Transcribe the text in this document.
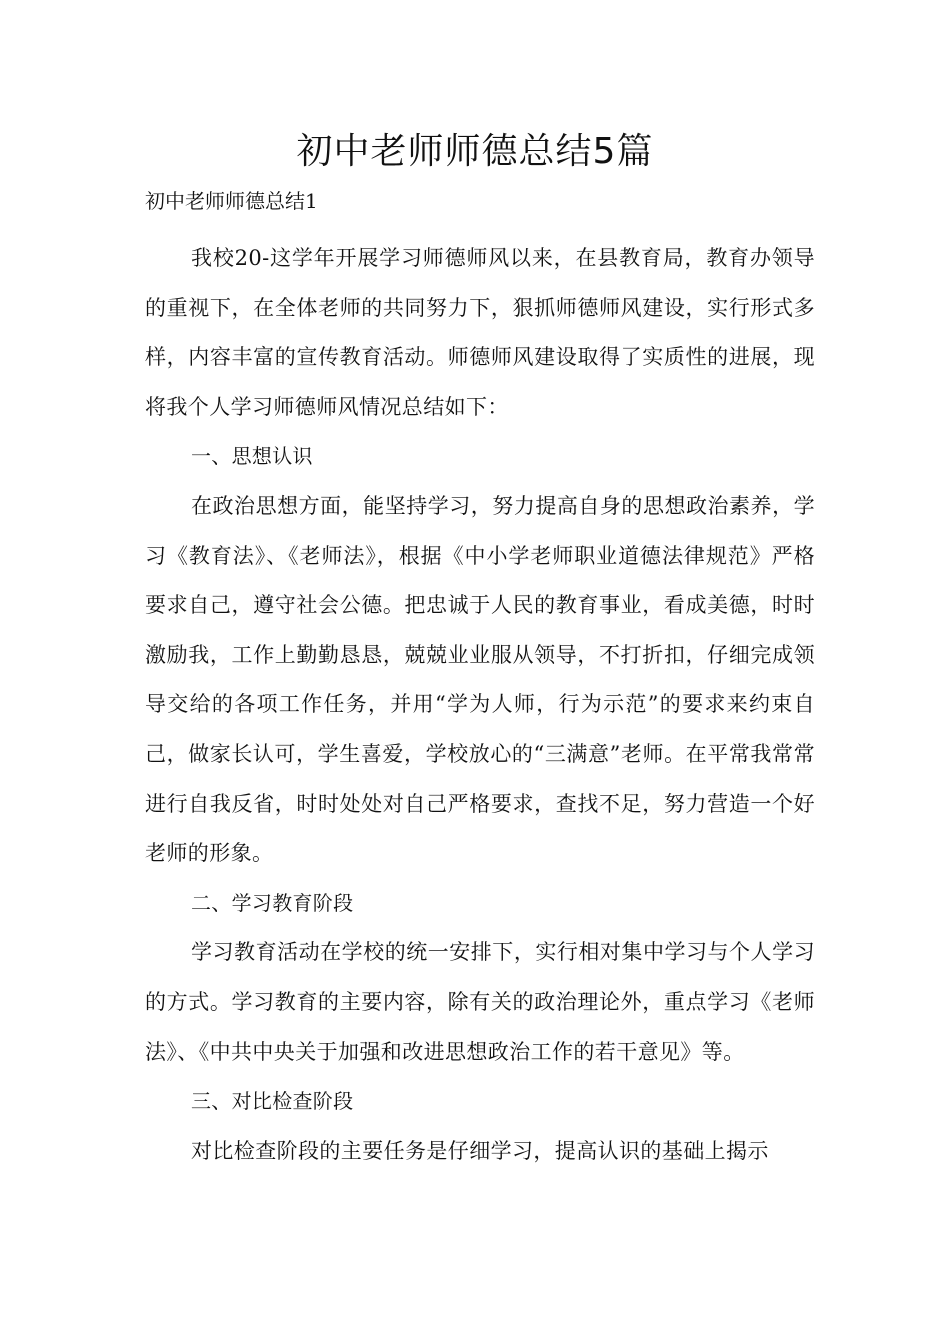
初中老师师德总结5篇

初中老师师德总结1

我校20-这学年开展学习师德师风以来，在县教育局，教育办领导的重视下，在全体老师的共同努力下，狠抓师德师风建设，实行形式多样，内容丰富的宣传教育活动。师德师风建设取得了实质性的进展，现将我个人学习师德师风情况总结如下：

一、思想认识

在政治思想方面，能坚持学习，努力提高自身的思想政治素养，学习《教育法》、《老师法》，根据《中小学老师职业道德法律规范》严格要求自己，遵守社会公德。把忠诚于人民的教育事业，看成美德，时时激励我，工作上勤勤恳恳，兢兢业业服从领导，不打折扣，仔细完成领导交给的各项工作任务，并用“学为人师，行为示范”的要求来约束自己，做家长认可，学生喜爱，学校放心的“三满意”老师。在平常我常常进行自我反省，时时处处对自己严格要求，查找不足，努力营造一个好老师的形象。

二、学习教育阶段

学习教育活动在学校的统一安排下，实行相对集中学习与个人学习的方式。学习教育的主要内容，除有关的政治理论外，重点学习《老师法》、《中共中央关于加强和改进思想政治工作的若干意见》等。

三、对比检查阶段

对比检查阶段的主要任务是仔细学习，提高认识的基础上揭示
